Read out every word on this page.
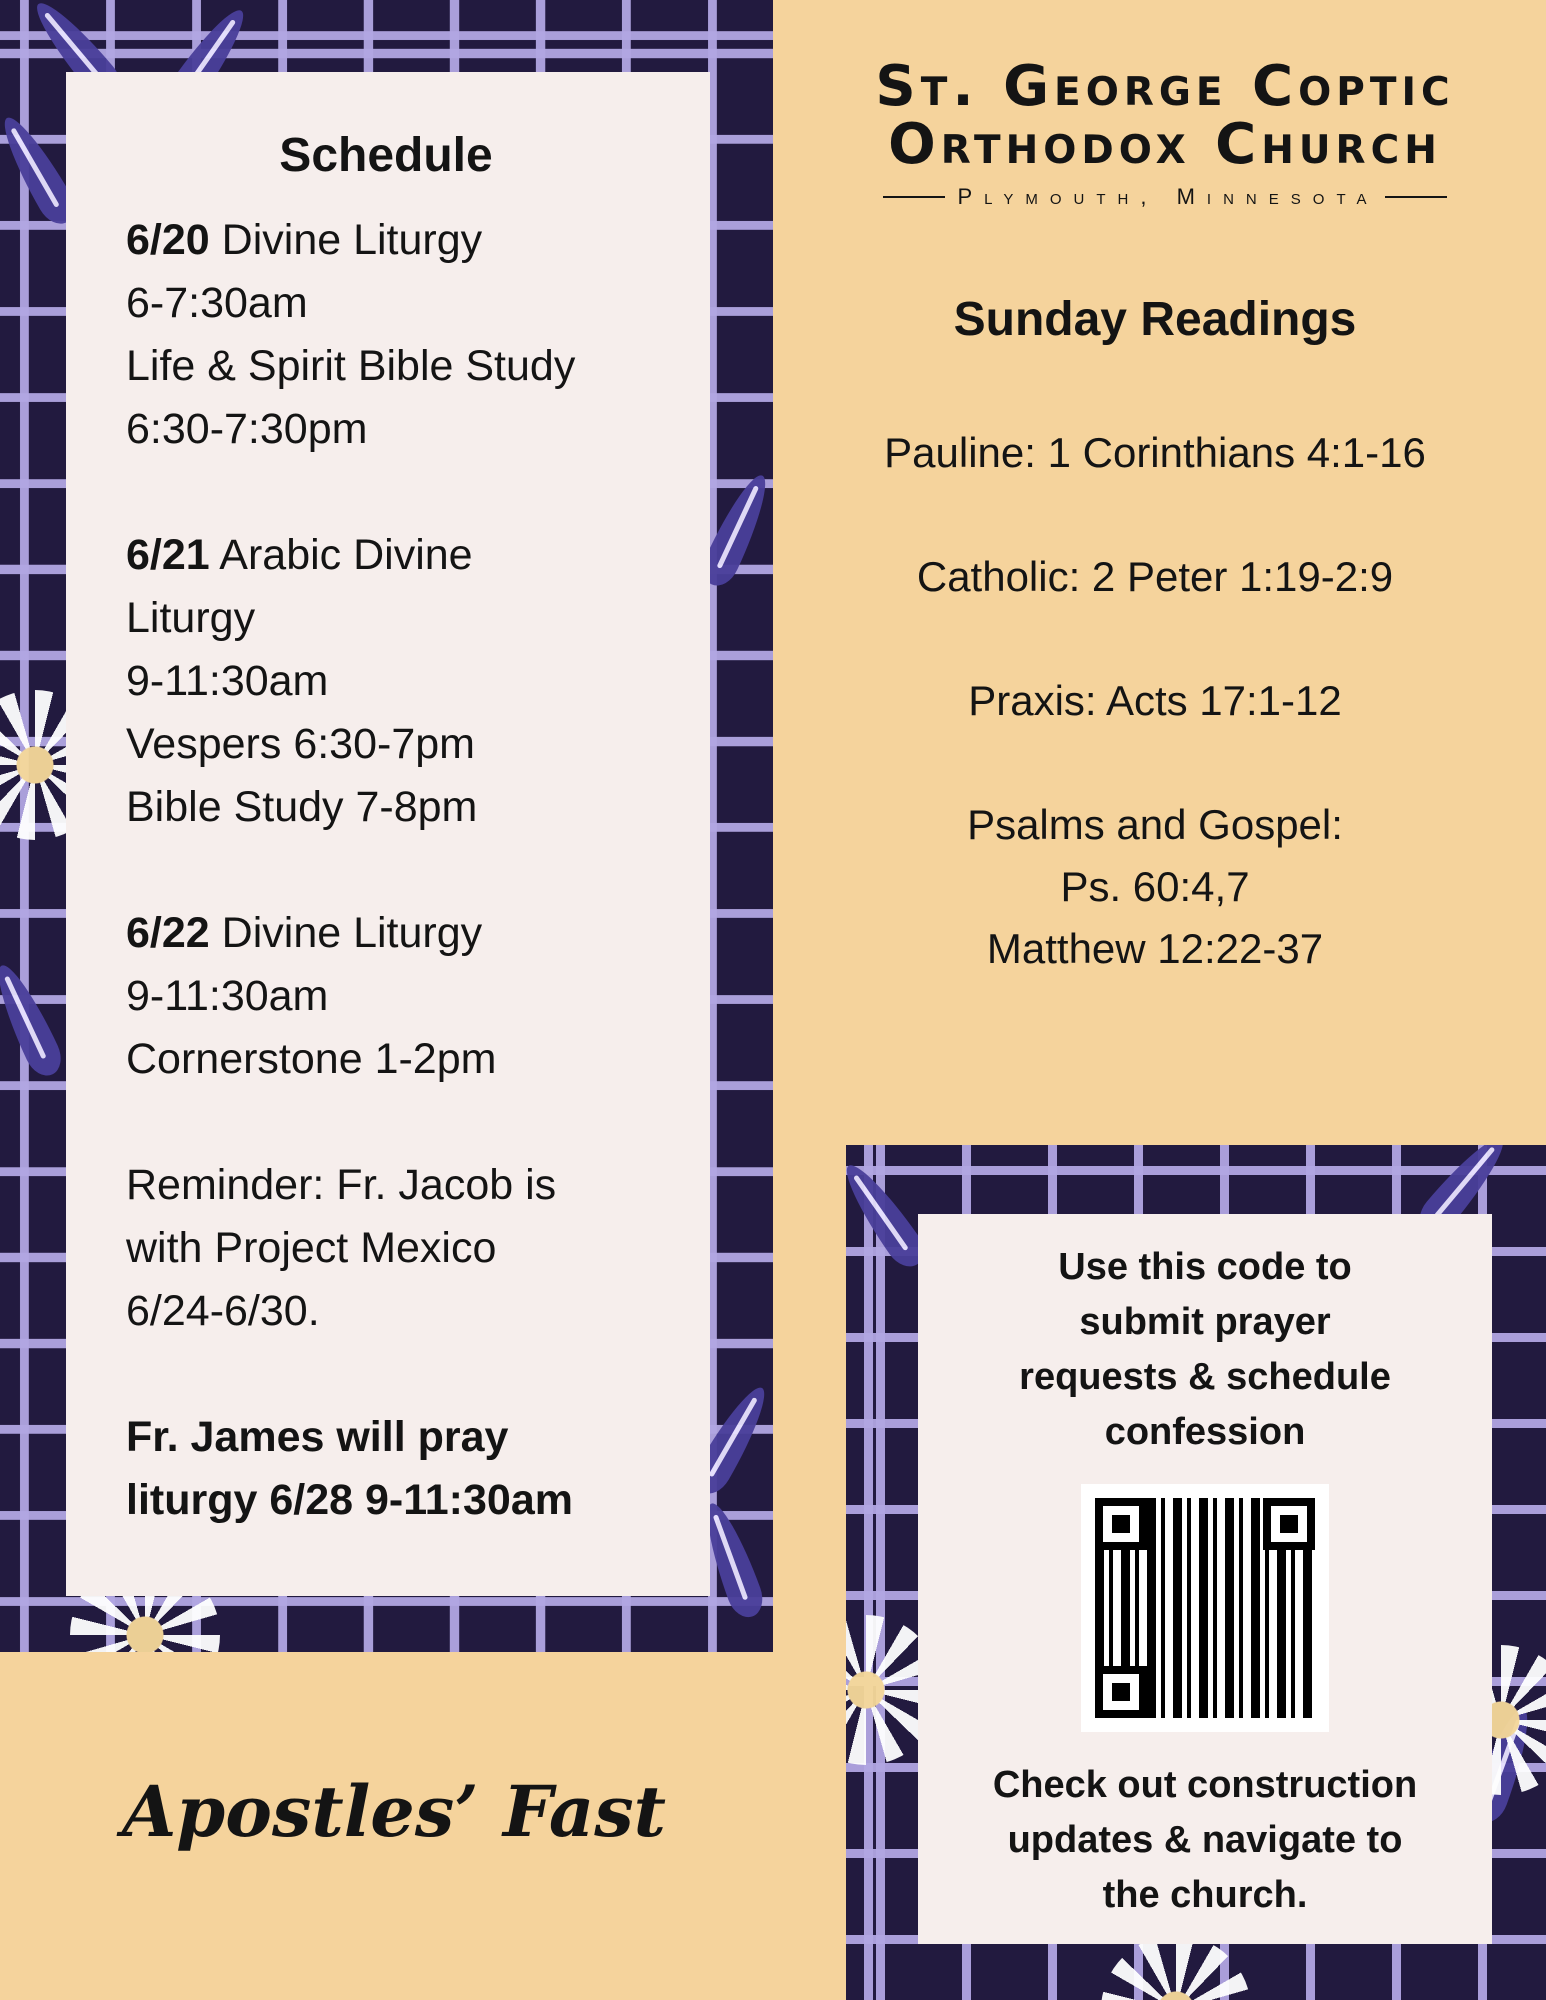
Schedule
6/20 Divine Liturgy
6-7:30am
Life & Spirit Bible Study
6:30-7:30pm
6/21 Arabic Divine
Liturgy
9-11:30am
Vespers 6:30-7pm
Bible Study 7-8pm
6/22 Divine Liturgy
9-11:30am
Cornerstone 1-2pm
Reminder: Fr. Jacob is
with Project Mexico
6/24-6/30.
Fr. James will pray
liturgy 6/28 9-11:30am
St. George Coptic
Orthodox Church
Plymouth, Minnesota
Sunday Readings
Pauline: 1 Corinthians 4:1-16
Catholic: 2 Peter 1:19-2:9
Praxis: Acts 17:1-12
Psalms and Gospel:
Ps. 60:4,7
Matthew 12:22-37
Apostles’ Fast
Use this code to
submit prayer
requests & schedule
confession
Check out construction
updates & navigate to
the church.
